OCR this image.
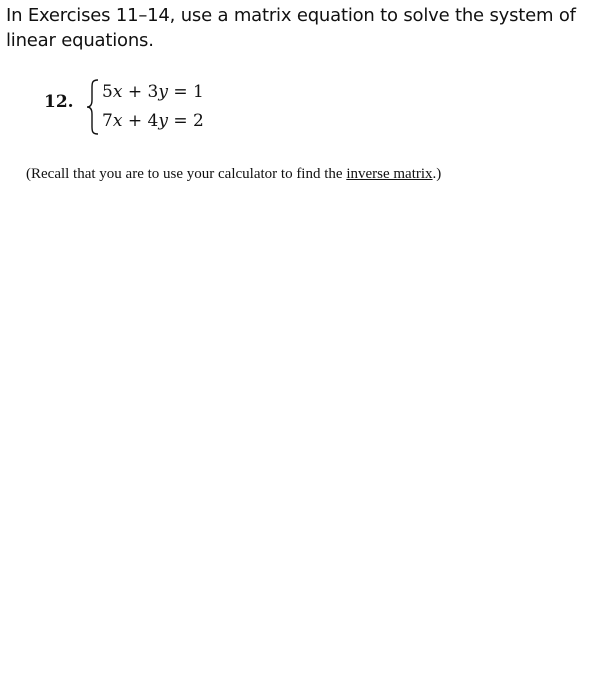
In Exercises 11–14, use a matrix equation to solve the system of linear equations.

12. 5x + 3y = 1
7x + 4y = 2
(Recall that you are to use your calculator to find the inverse matrix.)
